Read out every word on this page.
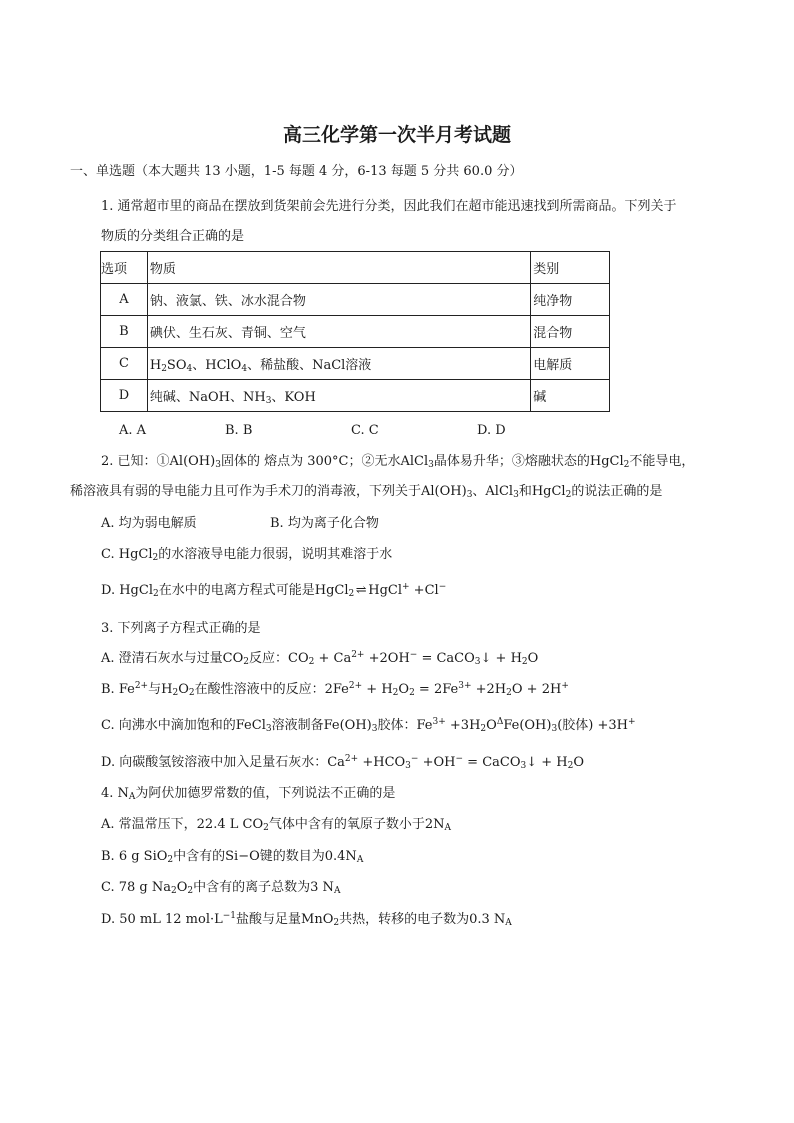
高三化学第一次半月考试题
一、单选题（本大题共 13 小题，1-5 每题 4 分，6-13 每题 5 分共 60.0 分）
1. 通常超市里的商品在摆放到货架前会先进行分类，因此我们在超市能迅速找到所需商品。下列关于
物质的分类组合正确的是
选项	物质	类别
A	钠、液氯、铁、冰水混合物	纯净物
B	碘伏、生石灰、青铜、空气	混合物
C	$H_2SO_4$、HClO$_4$、稀盐酸、NaCl溶液	电解质
D	纯碱、NaOH、$NH_3$、KOH	碱
A. A	B. B	C. C	D. D
2. 已知：$①Al(OH)_3$固体的 熔点为 300°C；②无水AlCl$_3$晶体易升华；③熔融状态的HgCl$_2$不能导电，
稀溶液具有弱的导电能力且可作为手术刀的消毒液，下列关于$Al(OH)_3$、AlCl$_3$和HgCl$_2$的说法正确的是
A. 均为弱电解质	B. 均为离子化合物
C. HgCl$_2$的水溶液导电能力很弱，说明其难溶于水
D. HgCl$_2$在水中的电离方程式可能是HgCl$_2$ ⇌ HgCl+ +Cl−
3. 下列离子方程式正确的是
A. 澄清石灰水与过量$CO_2$反应：$CO_2 + Ca^{2+} +2OH^-$ = CaCO$_3$↓ + $H_2O$
B. $Fe^{2+}$与$H_2O_2$在酸性溶液中的反应：$2Fe^{2+} + H_2O_2 = 2Fe^{3+} +2H_2O + 2H^+$
C. 向沸水中滴加饱和的FeCl$_3$溶液制备$Fe(OH)_3$胶体：$Fe^{3+} +3H_2O^\Delta Fe(OH)_3$(胶体) +3H+
D. 向碳酸氢铵溶液中加入足量石灰水：$Ca^{2+} +HCO_3^- +OH^-$ = CaCO$_3$↓ + $H_2O$
4. $N_A$为阿伏加德罗常数的值，下列说法不正确的是
A. 常温常压下，22.4 L $CO_2$气体中含有的氧原子数小于$2N_A$
B. 6 g SiO$_2$中含有的Si−O键的数目为$0.4N_A$
C. 78 g $Na_2O_2$中含有的离子总数为3 $N_A$
D. 50 mL 12 $mol\cdot L^{-1}$盐酸与足量MnO$_2$共热，转移的电子数为0.3 $N_A$
